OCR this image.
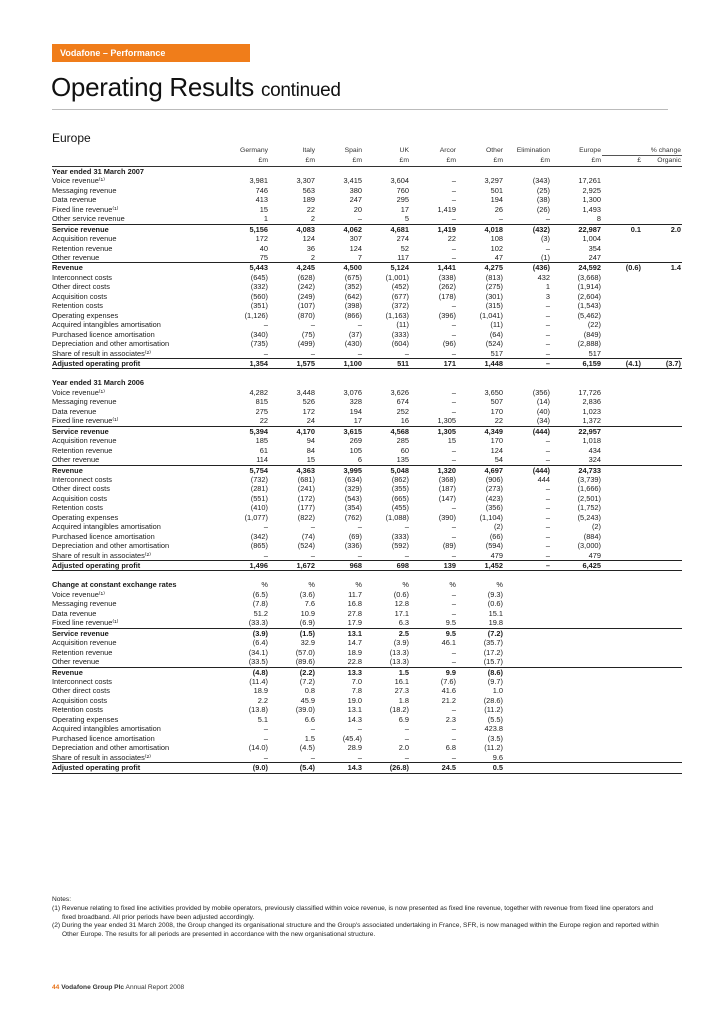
Vodafone – Performance
Operating Results continued
Europe
	Germany	Italy	Spain	UK	Arcor	Other	Elimination	Europe	% change	
	£m	£m	£m	£m	£m	£m	£m	£m	£	Organic
Year ended 31 March 2007										
Voice revenue⁽¹⁾	3,981	3,307	3,415	3,604	–	3,297	(343)	17,261		
Messaging revenue	746	563	380	760	–	501	(25)	2,925		
Data revenue	413	189	247	295	–	194	(38)	1,300		
Fixed line revenue⁽¹⁾	15	22	20	17	1,419	26	(26)	1,493		
Other service revenue	1	2	–	5	–	–	–	8		
Service revenue	5,156	4,083	4,062	4,681	1,419	4,018	(432)	22,987	0.1	2.0
Acquisition revenue	172	124	307	274	22	108	(3)	1,004		
Retention revenue	40	36	124	52	–	102	–	354		
Other revenue	75	2	7	117	–	47	(1)	247		
Revenue	5,443	4,245	4,500	5,124	1,441	4,275	(436)	24,592	(0.6)	1.4
Interconnect costs	(645)	(628)	(675)	(1,001)	(338)	(813)	432	(3,668)		
Other direct costs	(332)	(242)	(352)	(452)	(262)	(275)	1	(1,914)		
Acquisition costs	(560)	(249)	(642)	(677)	(178)	(301)	3	(2,604)		
Retention costs	(351)	(107)	(398)	(372)	–	(315)	–	(1,543)		
Operating expenses	(1,126)	(870)	(866)	(1,163)	(396)	(1,041)	–	(5,462)		
Acquired intangibles amortisation	–	–	–	(11)	–	(11)	–	(22)		
Purchased licence amortisation	(340)	(75)	(37)	(333)	–	(64)	–	(849)		
Depreciation and other amortisation	(735)	(499)	(430)	(604)	(96)	(524)	–	(2,888)		
Share of result in associates⁽²⁾	–	–	–	–	–	517	–	517		
Adjusted operating profit	1,354	1,575	1,100	511	171	1,448	–	6,159	(4.1)	(3.7)

Year ended 31 March 2006										
Voice revenue⁽¹⁾	4,282	3,448	3,076	3,626	–	3,650	(356)	17,726		
Messaging revenue	815	526	328	674	–	507	(14)	2,836		
Data revenue	275	172	194	252	–	170	(40)	1,023		
Fixed line revenue⁽¹⁾	22	24	17	16	1,305	22	(34)	1,372		
Service revenue	5,394	4,170	3,615	4,568	1,305	4,349	(444)	22,957		
Acquisition revenue	185	94	269	285	15	170	–	1,018		
Retention revenue	61	84	105	60	–	124	–	434		
Other revenue	114	15	6	135	–	54	–	324		
Revenue	5,754	4,363	3,995	5,048	1,320	4,697	(444)	24,733		
Interconnect costs	(732)	(681)	(634)	(862)	(368)	(906)	444	(3,739)		
Other direct costs	(281)	(241)	(329)	(355)	(187)	(273)	–	(1,666)		
Acquisition costs	(551)	(172)	(543)	(665)	(147)	(423)	–	(2,501)		
Retention costs	(410)	(177)	(354)	(455)	–	(356)	–	(1,752)		
Operating expenses	(1,077)	(822)	(762)	(1,088)	(390)	(1,104)	–	(5,243)		
Acquired intangibles amortisation	–	–	–	–	–	(2)	–	(2)		
Purchased licence amortisation	(342)	(74)	(69)	(333)	–	(66)	–	(884)		
Depreciation and other amortisation	(865)	(524)	(336)	(592)	(89)	(594)	–	(3,000)		
Share of result in associates⁽²⁾	–	–	–	–	–	479	–	479		
Adjusted operating profit	1,496	1,672	968	698	139	1,452	–	6,425		

Change at constant exchange rates	%	%	%	%	%	%				
Voice revenue⁽¹⁾	(6.5)	(3.6)	11.7	(0.6)	–	(9.3)				
Messaging revenue	(7.8)	7.6	16.8	12.8	–	(0.6)				
Data revenue	51.2	10.9	27.8	17.1	–	15.1				
Fixed line revenue⁽¹⁾	(33.3)	(6.9)	17.9	6.3	9.5	19.8				
Service revenue	(3.9)	(1.5)	13.1	2.5	9.5	(7.2)				
Acquisition revenue	(6.4)	32.9	14.7	(3.9)	46.1	(35.7)				
Retention revenue	(34.1)	(57.0)	18.9	(13.3)	–	(17.2)				
Other revenue	(33.5)	(89.6)	22.8	(13.3)	–	(15.7)				
Revenue	(4.8)	(2.2)	13.3	1.5	9.9	(8.6)				
Interconnect costs	(11.4)	(7.2)	7.0	16.1	(7.6)	(9.7)				
Other direct costs	18.9	0.8	7.8	27.3	41.6	1.0				
Acquisition costs	2.2	45.9	19.0	1.8	21.2	(28.6)				
Retention costs	(13.8)	(39.0)	13.1	(18.2)	–	(11.2)				
Operating expenses	5.1	6.6	14.3	6.9	2.3	(5.5)				
Acquired intangibles amortisation	–	–	–	–	–	423.8				
Purchased licence amortisation	–	1.5	(45.4)	–	–	(3.5)				
Depreciation and other amortisation	(14.0)	(4.5)	28.9	2.0	6.8	(11.2)				
Share of result in associates⁽²⁾	–	–	–	–	–	9.6				
Adjusted operating profit	(9.0)	(5.4)	14.3	(26.8)	24.5	0.5				
Notes:
(1) Revenue relating to fixed line activities provided by mobile operators, previously classified within voice revenue, is now presented as fixed line revenue, together with revenue from fixed line operators and fixed broadband. All prior periods have been adjusted accordingly.
(2) During the year ended 31 March 2008, the Group changed its organisational structure and the Group's associated undertaking in France, SFR, is now managed within the Europe region and reported within Other Europe. The results for all periods are presented in accordance with the new organisational structure.
44 Vodafone Group Plc Annual Report 2008
